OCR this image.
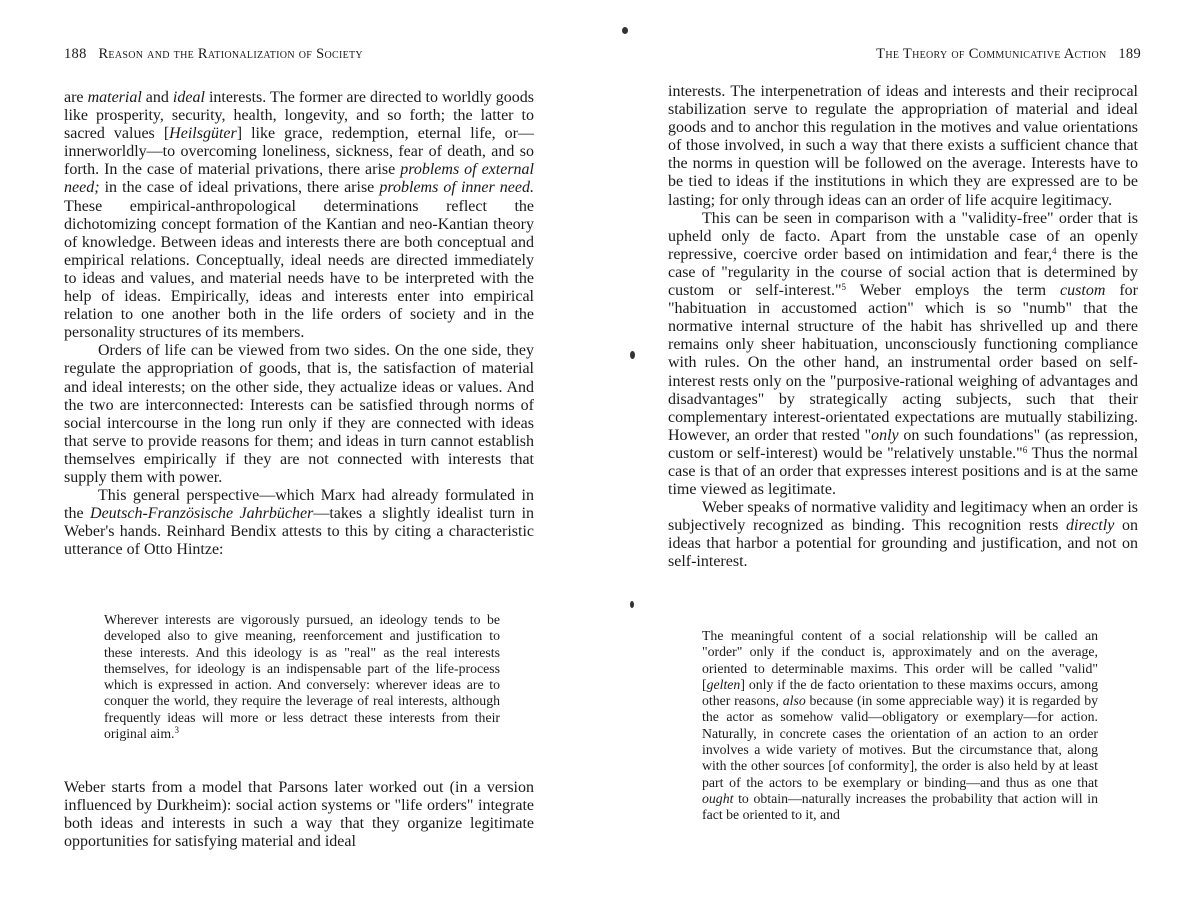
188 Reason and the Rationalization of Society

are material and ideal interests. The former are directed to worldly goods like prosperity, security, health, longevity, and so forth; the latter to sacred values [Heilsgüter] like grace, redemption, eternal life, or—innerworldly—to overcoming loneliness, sickness, fear of death, and so forth. In the case of material privations, there arise problems of external need; in the case of ideal privations, there arise problems of inner need. These empirical-anthropological determinations reflect the dichotomizing concept formation of the Kantian and neo-Kantian theory of knowledge. Between ideas and interests there are both conceptual and empirical relations. Conceptually, ideal needs are directed immediately to ideas and values, and material needs have to be interpreted with the help of ideas. Empirically, ideas and interests enter into empirical relation to one another both in the life orders of society and in the personality structures of its members.

Orders of life can be viewed from two sides. On the one side, they regulate the appropriation of goods, that is, the satisfaction of material and ideal interests; on the other side, they actualize ideas or values. And the two are interconnected: Interests can be satisfied through norms of social intercourse in the long run only if they are connected with ideas that serve to provide reasons for them; and ideas in turn cannot establish themselves empirically if they are not connected with interests that supply them with power.

This general perspective—which Marx had already formulated in the Deutsch-Französische Jahrbücher—takes a slightly idealist turn in Weber's hands. Reinhard Bendix attests to this by citing a characteristic utterance of Otto Hintze:

Wherever interests are vigorously pursued, an ideology tends to be developed also to give meaning, reenforcement and justification to these interests. And this ideology is as "real" as the real interests themselves, for ideology is an indispensable part of the life-process which is expressed in action. And conversely: wherever ideas are to conquer the world, they require the leverage of real interests, although frequently ideas will more or less detract these interests from their original aim.$^3$

Weber starts from a model that Parsons later worked out (in a version influenced by Durkheim): social action systems or "life orders" integrate both ideas and interests in such a way that they organize legitimate opportunities for satisfying material and ideal

The Theory of Communicative Action 189

interests. The interpenetration of ideas and interests and their reciprocal stabilization serve to regulate the appropriation of material and ideal goods and to anchor this regulation in the motives and value orientations of those involved, in such a way that there exists a sufficient chance that the norms in question will be followed on the average. Interests have to be tied to ideas if the institutions in which they are expressed are to be lasting; for only through ideas can an order of life acquire legitimacy.

This can be seen in comparison with a "validity-free" order that is upheld only de facto. Apart from the unstable case of an openly repressive, coercive order based on intimidation and fear,$^4$ there is the case of "regularity in the course of social action that is determined by custom or self-interest."$^5$ Weber employs the term custom for "habituation in accustomed action" which is so "numb" that the normative internal structure of the habit has shrivelled up and there remains only sheer habituation, unconsciously functioning compliance with rules. On the other hand, an instrumental order based on self-interest rests only on the "purposive-rational weighing of advantages and disadvantages" by strategically acting subjects, such that their complementary interest-orientated expectations are mutually stabilizing. However, an order that rested "only on such foundations" (as repression, custom or self-interest) would be "relatively unstable."$^6$ Thus the normal case is that of an order that expresses interest positions and is at the same time viewed as legitimate.

Weber speaks of normative validity and legitimacy when an order is subjectively recognized as binding. This recognition rests directly on ideas that harbor a potential for grounding and justification, and not on self-interest.

The meaningful content of a social relationship will be called an "order" only if the conduct is, approximately and on the average, oriented to determinable maxims. This order will be called "valid" [gelten] only if the de facto orientation to these maxims occurs, among other reasons, also because (in some appreciable way) it is regarded by the actor as somehow valid—obligatory or exemplary—for action. Naturally, in concrete cases the orientation of an action to an order involves a wide variety of motives. But the circumstance that, along with the other sources [of conformity], the order is also held by at least part of the actors to be exemplary or binding—and thus as one that ought to obtain—naturally increases the probability that action will in fact be oriented to it, and
